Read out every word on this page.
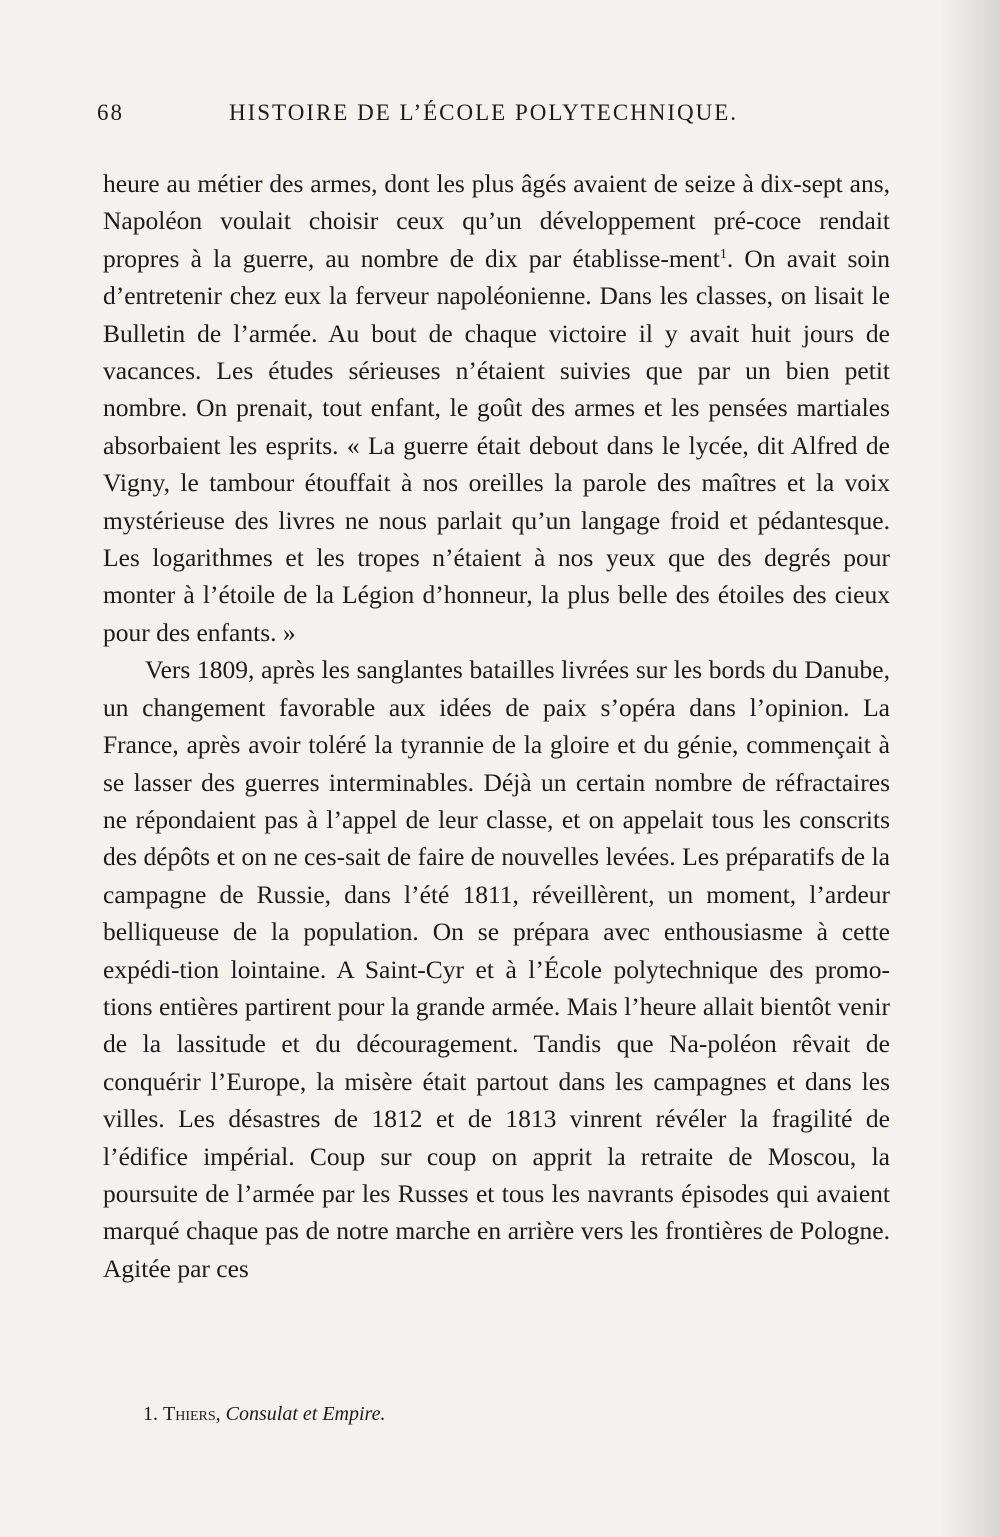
68	HISTOIRE DE L’ÉCOLE POLYTECHNIQUE.

heure au métier des armes, dont les plus âgés avaient de seize à dix-sept ans, Napoléon voulait choisir ceux qu’un développement pré-coce rendait propres à la guerre, au nombre de dix par établisse-ment$^1$. On avait soin d’entretenir chez eux la ferveur napoléonienne. Dans les classes, on lisait le Bulletin de l’armée. Au bout de chaque victoire il y avait huit jours de vacances. Les études sérieuses n’étaient suivies que par un bien petit nombre. On prenait, tout enfant, le goût des armes et les pensées martiales absorbaient les esprits. « La guerre était debout dans le lycée, dit Alfred de Vigny, le tambour étouffait à nos oreilles la parole des maîtres et la voix mystérieuse des livres ne nous parlait qu’un langage froid et pédantesque. Les logarithmes et les tropes n’étaient à nos yeux que des degrés pour monter à l’étoile de la Légion d’honneur, la plus belle des étoiles des cieux pour des enfants. »

Vers 1809, après les sanglantes batailles livrées sur les bords du Danube, un changement favorable aux idées de paix s’opéra dans l’opinion. La France, après avoir toléré la tyrannie de la gloire et du génie, commençait à se lasser des guerres interminables. Déjà un certain nombre de réfractaires ne répondaient pas à l’appel de leur classe, et on appelait tous les conscrits des dépôts et on ne ces-sait de faire de nouvelles levées. Les préparatifs de la campagne de Russie, dans l’été 1811, réveillèrent, un moment, l’ardeur belliqueuse de la population. On se prépara avec enthousiasme à cette expédi-tion lointaine. A Saint-Cyr et à l’École polytechnique des promo-tions entières partirent pour la grande armée. Mais l’heure allait bientôt venir de la lassitude et du découragement. Tandis que Na-poléon rêvait de conquérir l’Europe, la misère était partout dans les campagnes et dans les villes. Les désastres de 1812 et de 1813 vinrent révéler la fragilité de l’édifice impérial. Coup sur coup on apprit la retraite de Moscou, la poursuite de l’armée par les Russes et tous les navrants épisodes qui avaient marqué chaque pas de notre marche en arrière vers les frontières de Pologne. Agitée par ces

1. Thiers, Consulat et Empire.
